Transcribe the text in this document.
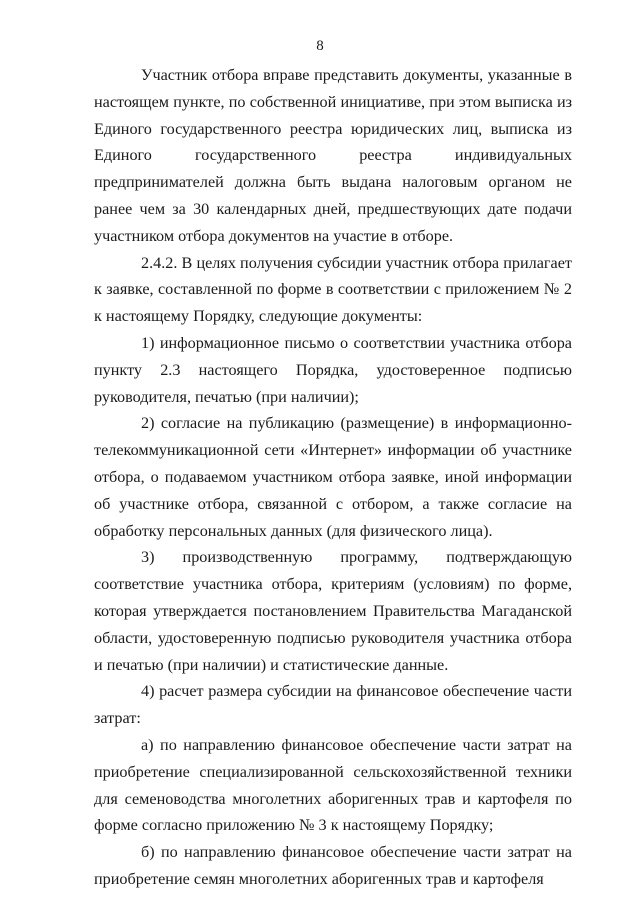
8

Участник отбора вправе представить документы, указанные в настоящем пункте, по собственной инициативе, при этом выписка из Единого государственного реестра юридических лиц, выписка из Единого государственного реестра индивидуальных предпринимателей должна быть выдана налоговым органом не ранее чем за 30 календарных дней, предшествующих дате подачи участником отбора документов на участие в отборе.

2.4.2. В целях получения субсидии участник отбора прилагает к заявке, составленной по форме в соответствии с приложением № 2 к настоящему Порядку, следующие документы:

1) информационное письмо о соответствии участника отбора пункту 2.3 настоящего Порядка, удостоверенное подписью руководителя, печатью (при наличии);

2) согласие на публикацию (размещение) в информационно-телекоммуникационной сети «Интернет» информации об участнике отбора, о подаваемом участником отбора заявке, иной информации об участнике отбора, связанной с отбором, а также согласие на обработку персональных данных (для физического лица).

3) производственную программу, подтверждающую соответствие участника отбора, критериям (условиям) по форме, которая утверждается постановлением Правительства Магаданской области, удостоверенную подписью руководителя участника отбора и печатью (при наличии) и статистические данные.

4) расчет размера субсидии на финансовое обеспечение части затрат:

а) по направлению финансовое обеспечение части затрат на приобретение специализированной сельскохозяйственной техники для семеноводства многолетних аборигенных трав и картофеля по форме согласно приложению № 3 к настоящему Порядку;

б) по направлению финансовое обеспечение части затрат на приобретение семян многолетних аборигенных трав и картофеля
